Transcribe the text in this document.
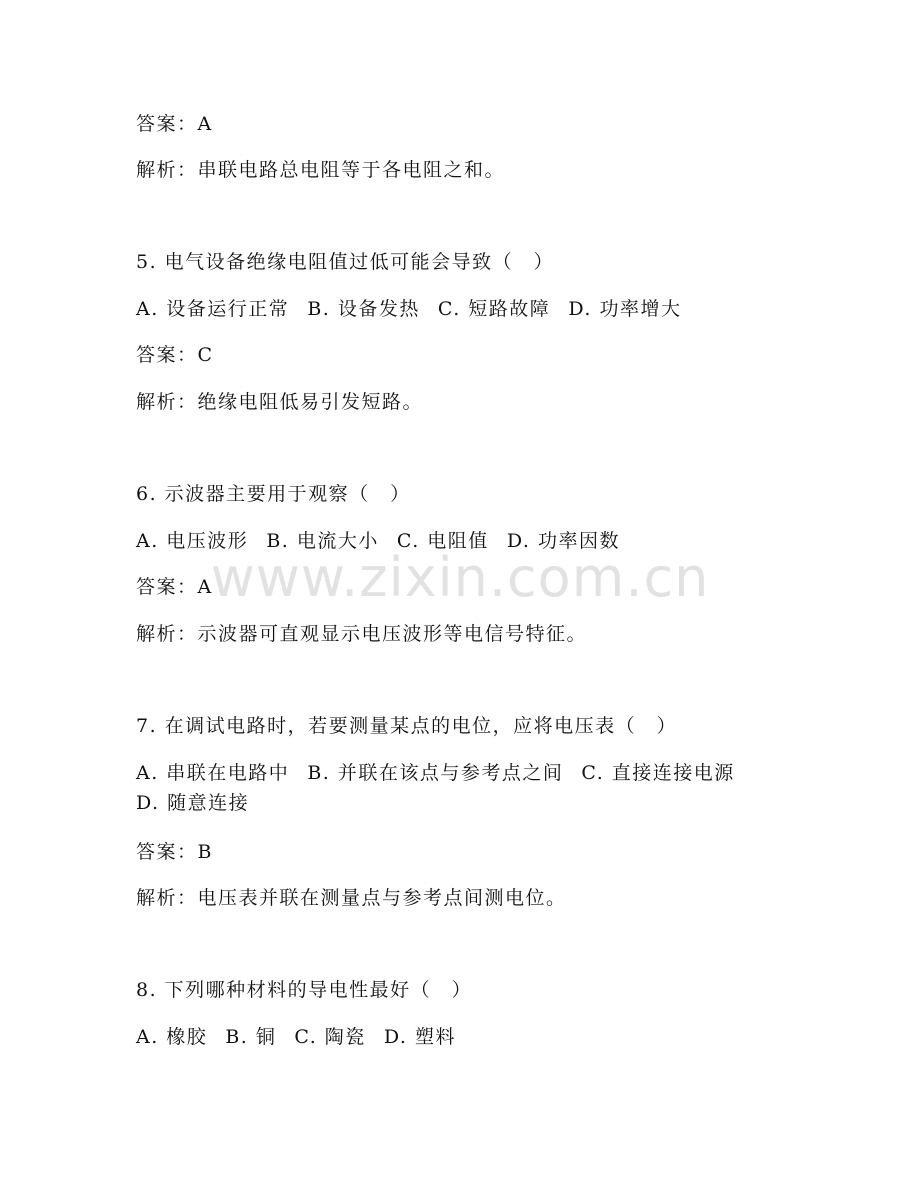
答案：A
解析：串联电路总电阻等于各电阻之和。
5. 电气设备绝缘电阻值过低可能会导致（　）
A. 设备运行正常 B. 设备发热 C. 短路故障 D. 功率增大
答案：C
解析：绝缘电阻低易引发短路。
6. 示波器主要用于观察（　）
A. 电压波形 B. 电流大小 C. 电阻值 D. 功率因数
答案：A
解析：示波器可直观显示电压波形等电信号特征。
7. 在调试电路时，若要测量某点的电位，应将电压表（　）
A. 串联在电路中 B. 并联在该点与参考点之间 C. 直接连接电源
D. 随意连接
答案：B
解析：电压表并联在测量点与参考点间测电位。
8. 下列哪种材料的导电性最好（　）
A. 橡胶 B. 铜 C. 陶瓷 D. 塑料
www.zixin.com.cn
